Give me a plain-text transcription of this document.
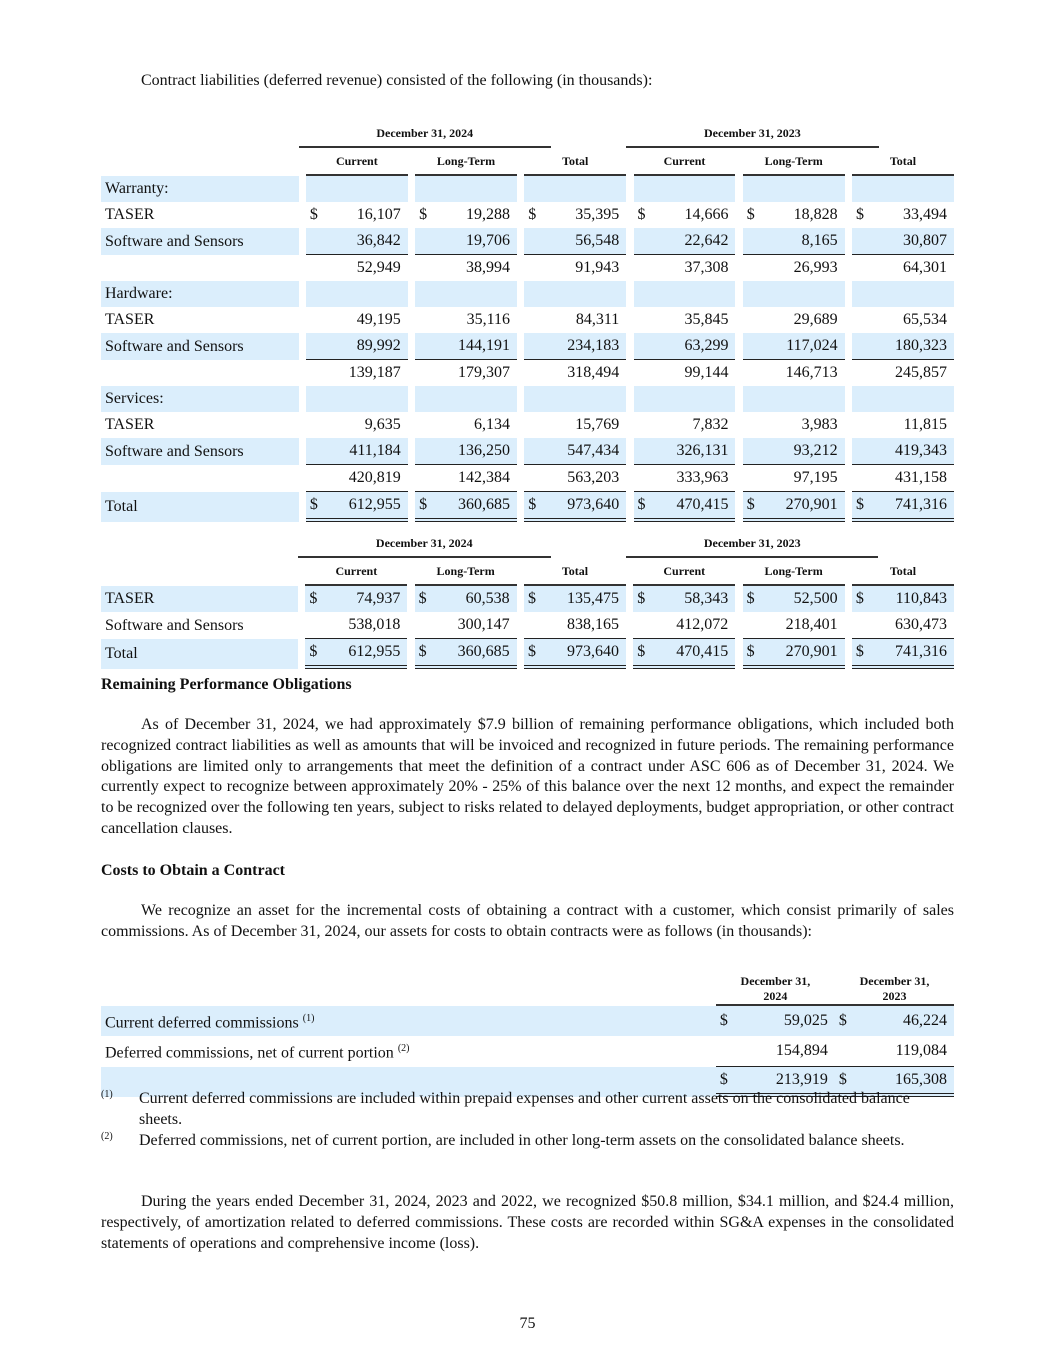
Contract liabilities (deferred revenue) consisted of the following (in thousands):
	December 31, 2024									December 31, 2023								
		Current			Long-Term			Total			Current			Long-Term			Total	
Warranty:																		
TASER		$	16,107		$	19,288		$	35,395		$	14,666		$	18,828		$	33,494
Software and Sensors			36,842			19,706			56,548			22,642			8,165			30,807
			52,949			38,994			91,943			37,308			26,993			64,301
Hardware:																		
TASER			49,195			35,116			84,311			35,845			29,689			65,534
Software and Sensors			89,992			144,191			234,183			63,299			117,024			180,323
			139,187			179,307			318,494			99,144			146,713			245,857
Services:																		
TASER			9,635			6,134			15,769			7,832			3,983			11,815
Software and Sensors			411,184			136,250			547,434			326,131			93,212			419,343
			420,819			142,384			563,203			333,963			97,195			431,158
Total		$	612,955		$	360,685		$	973,640		$	470,415		$	270,901		$	741,316
	December 31, 2024									December 31, 2023								
		Current			Long-Term			Total			Current			Long-Term			Total	
TASER		$	74,937		$	60,538		$	135,475		$	58,343		$	52,500		$	110,843
Software and Sensors			538,018			300,147			838,165			412,072			218,401			630,473
Total		$	612,955		$	360,685		$	973,640		$	470,415		$	270,901		$	741,316
Remaining Performance Obligations

As of December 31, 2024, we had approximately $7.9 billion of remaining performance obligations, which included both recognized contract liabilities as well as amounts that will be invoiced and recognized in future periods. The remaining performance obligations are limited only to arrangements that meet the definition of a contract under ASC 606 as of December 31, 2024. We currently expect to recognize between approximately 20% - 25% of this balance over the next 12 months, and expect the remainder to be recognized over the following ten years, subject to risks related to delayed deployments, budget appropriation, or other contract cancellation clauses.

Costs to Obtain a Contract

We recognize an asset for the incremental costs of obtaining a contract with a customer, which consist primarily of sales commissions. As of December 31, 2024, our assets for costs to obtain contracts were as follows (in thousands):

December 31,
2024

December 31,
2023

Current deferred commissions $^{(1)}$	$	59,025	$	46,224
Deferred commissions, net of current portion $^{(2)}$		154,894		119,084
	$	213,919	$	165,308
(1) Current deferred commissions are included within prepaid expenses and other current assets on the consolidated balance sheets.
(2) Deferred commissions, net of current portion, are included in other long-term assets on the consolidated balance sheets.

During the years ended December 31, 2024, 2023 and 2022, we recognized $50.8 million, $34.1 million, and $24.4 million, respectively, of amortization related to deferred commissions. These costs are recorded within SG&A expenses in the consolidated statements of operations and comprehensive income (loss).

75
